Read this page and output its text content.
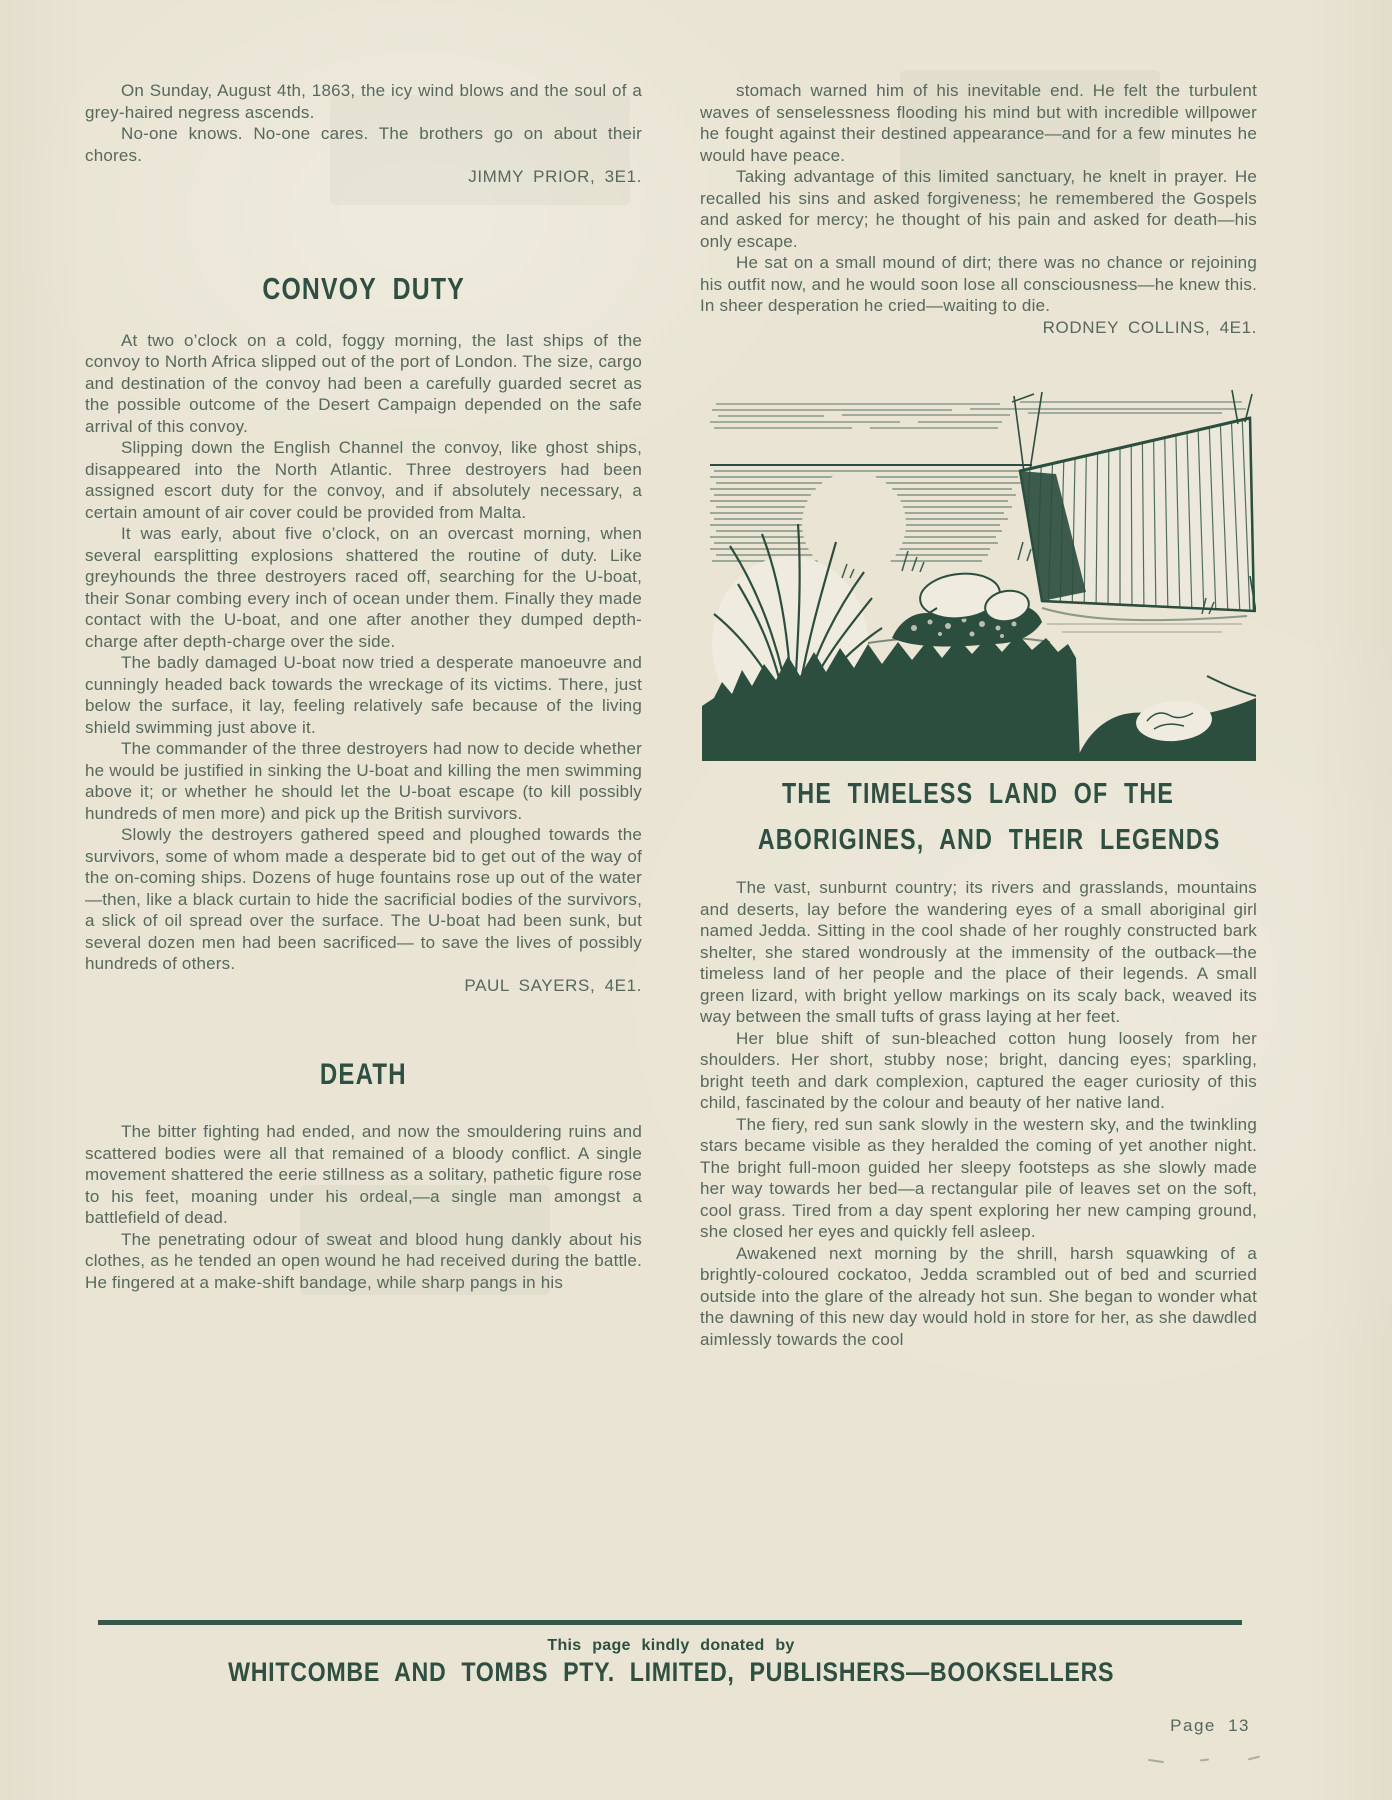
On Sunday, August 4th, 1863, the icy wind blows and the soul of a grey-haired negress ascends.

No-one knows. No-one cares. The brothers go on about their chores.

JIMMY PRIOR, 3E1.

CONVOY DUTY

At two o’clock on a cold, foggy morning, the last ships of the convoy to North Africa slipped out of the port of London. The size, cargo and destination of the convoy had been a carefully guarded secret as the possible outcome of the Desert Campaign depended on the safe arrival of this convoy.

Slipping down the English Channel the convoy, like ghost ships, disappeared into the North Atlantic. Three destroyers had been assigned escort duty for the convoy, and if absolutely necessary, a certain amount of air cover could be provided from Malta.

It was early, about five o’clock, on an overcast morning, when several earsplitting explosions shattered the routine of duty. Like greyhounds the three destroyers raced off, searching for the U-boat, their Sonar combing every inch of ocean under them. Finally they made contact with the U-boat, and one after another they dumped depth-charge after depth-charge over the side.

The badly damaged U-boat now tried a desperate manoeuvre and cunningly headed back towards the wreckage of its victims. There, just below the surface, it lay, feeling relatively safe because of the living shield swimming just above it.

The commander of the three destroyers had now to decide whether he would be justified in sinking the U-boat and killing the men swimming above it; or whether he should let the U-boat escape (to kill possibly hundreds of men more) and pick up the British survivors.

Slowly the destroyers gathered speed and ploughed towards the survivors, some of whom made a desperate bid to get out of the way of the on-coming ships. Dozens of huge fountains rose up out of the water—then, like a black curtain to hide the sacrificial bodies of the survivors, a slick of oil spread over the surface. The U-boat had been sunk, but several dozen men had been sacrificed— to save the lives of possibly hundreds of others.

PAUL SAYERS, 4E1.

DEATH

The bitter fighting had ended, and now the smouldering ruins and scattered bodies were all that remained of a bloody conflict. A single movement shattered the eerie stillness as a solitary, pathetic figure rose to his feet, moaning under his ordeal,—a single man amongst a battlefield of dead.

The penetrating odour of sweat and blood hung dankly about his clothes, as he tended an open wound he had received during the battle. He fingered at a make-shift bandage, while sharp pangs in his

stomach warned him of his inevitable end. He felt the turbulent waves of senselessness flooding his mind but with incredible willpower he fought against their destined appearance—and for a few minutes he would have peace.

Taking advantage of this limited sanctuary, he knelt in prayer. He recalled his sins and asked forgiveness; he remembered the Gospels and asked for mercy; he thought of his pain and asked for death—his only escape.

He sat on a small mound of dirt; there was no chance or rejoining his outfit now, and he would soon lose all consciousness—he knew this. In sheer desperation he cried—waiting to die.

RODNEY COLLINS, 4E1.

Dud
THE TIMELESS LAND OF THE
ABORIGINES, AND THEIR LEGENDS

The vast, sunburnt country; its rivers and grasslands, mountains and deserts, lay before the wandering eyes of a small aboriginal girl named Jedda. Sitting in the cool shade of her roughly constructed bark shelter, she stared wondrously at the immensity of the outback—the timeless land of her people and the place of their legends. A small green lizard, with bright yellow markings on its scaly back, weaved its way between the small tufts of grass laying at her feet.

Her blue shift of sun-bleached cotton hung loosely from her shoulders. Her short, stubby nose; bright, dancing eyes; sparkling, bright teeth and dark complexion, captured the eager curiosity of this child, fascinated by the colour and beauty of her native land.

The fiery, red sun sank slowly in the western sky, and the twinkling stars became visible as they heralded the coming of yet another night. The bright full-moon guided her sleepy footsteps as she slowly made her way towards her bed—a rectangular pile of leaves set on the soft, cool grass. Tired from a day spent exploring her new camping ground, she closed her eyes and quickly fell asleep.

Awakened next morning by the shrill, harsh squawking of a brightly-coloured cockatoo, Jedda scrambled out of bed and scurried outside into the glare of the already hot sun. She began to wonder what the dawning of this new day would hold in store for her, as she dawdled aimlessly towards the cool

This page kindly donated by
WHITCOMBE AND TOMBS PTY. LIMITED, PUBLISHERS—BOOKSELLERS
Page 13
